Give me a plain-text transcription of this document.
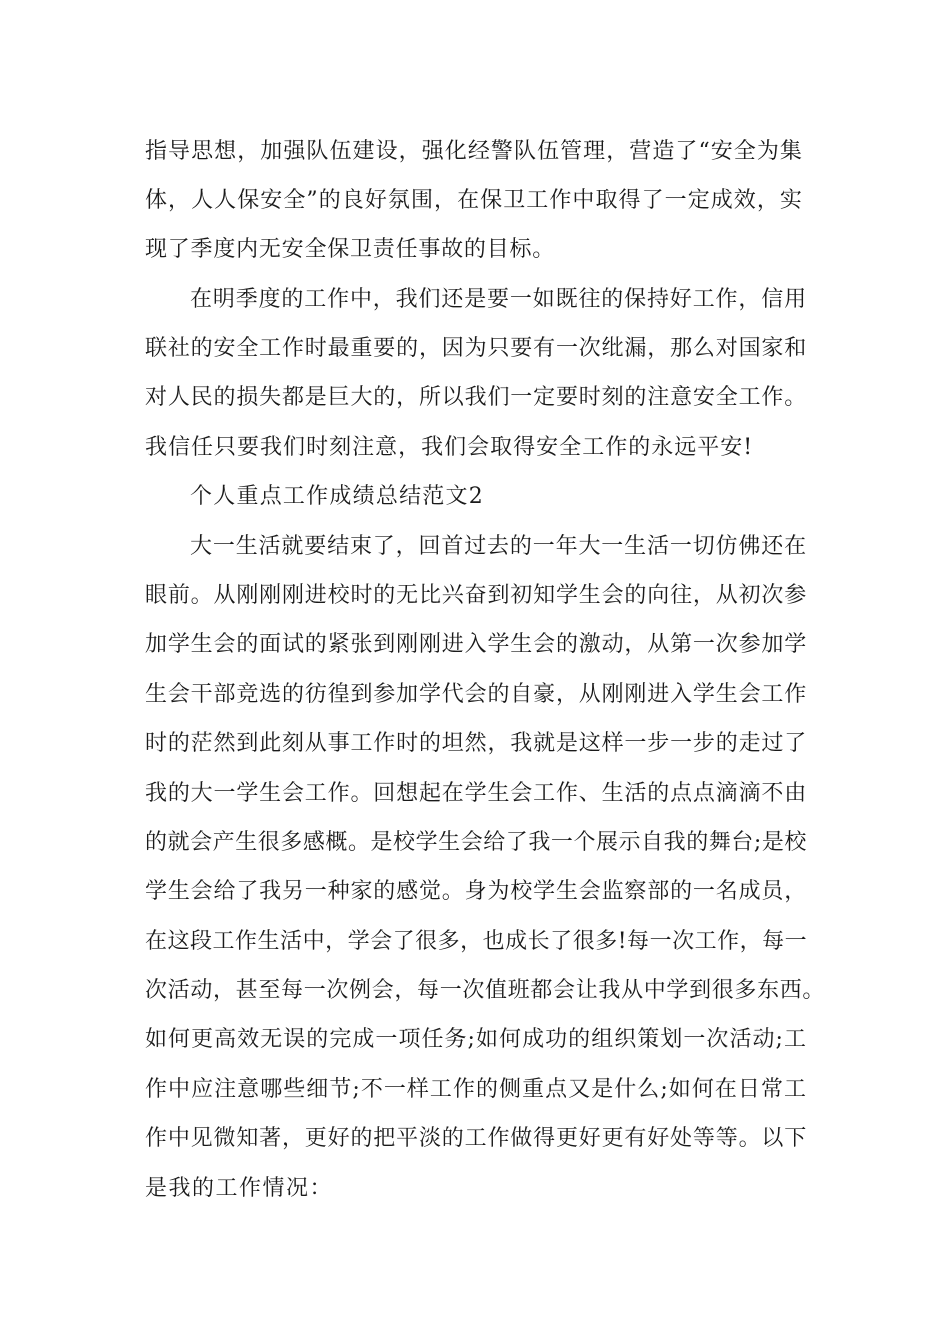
指导思想，加强队伍建设，强化经警队伍管理，营造了“安全为集
体，人人保安全”的良好氛围，在保卫工作中取得了一定成效，实
现了季度内无安全保卫责任事故的目标。
在明季度的工作中，我们还是要一如既往的保持好工作，信用
联社的安全工作时最重要的，因为只要有一次纰漏，那么对国家和
对人民的损失都是巨大的，所以我们一定要时刻的注意安全工作。
我信任只要我们时刻注意，我们会取得安全工作的永远平安!
个人重点工作成绩总结范文2
大一生活就要结束了，回首过去的一年大一生活一切仿佛还在
眼前。从刚刚刚进校时的无比兴奋到初知学生会的向往，从初次参
加学生会的面试的紧张到刚刚进入学生会的激动，从第一次参加学
生会干部竞选的彷徨到参加学代会的自豪，从刚刚进入学生会工作
时的茫然到此刻从事工作时的坦然，我就是这样一步一步的走过了
我的大一学生会工作。回想起在学生会工作、生活的点点滴滴不由
的就会产生很多感概。是校学生会给了我一个展示自我的舞台;是校
学生会给了我另一种家的感觉。身为校学生会监察部的一名成员，
在这段工作生活中，学会了很多，也成长了很多!每一次工作，每一
次活动，甚至每一次例会，每一次值班都会让我从中学到很多东西。
如何更高效无误的完成一项任务;如何成功的组织策划一次活动;工
作中应注意哪些细节;不一样工作的侧重点又是什么;如何在日常工
作中见微知著，更好的把平淡的工作做得更好更有好处等等。以下
是我的工作情况：
